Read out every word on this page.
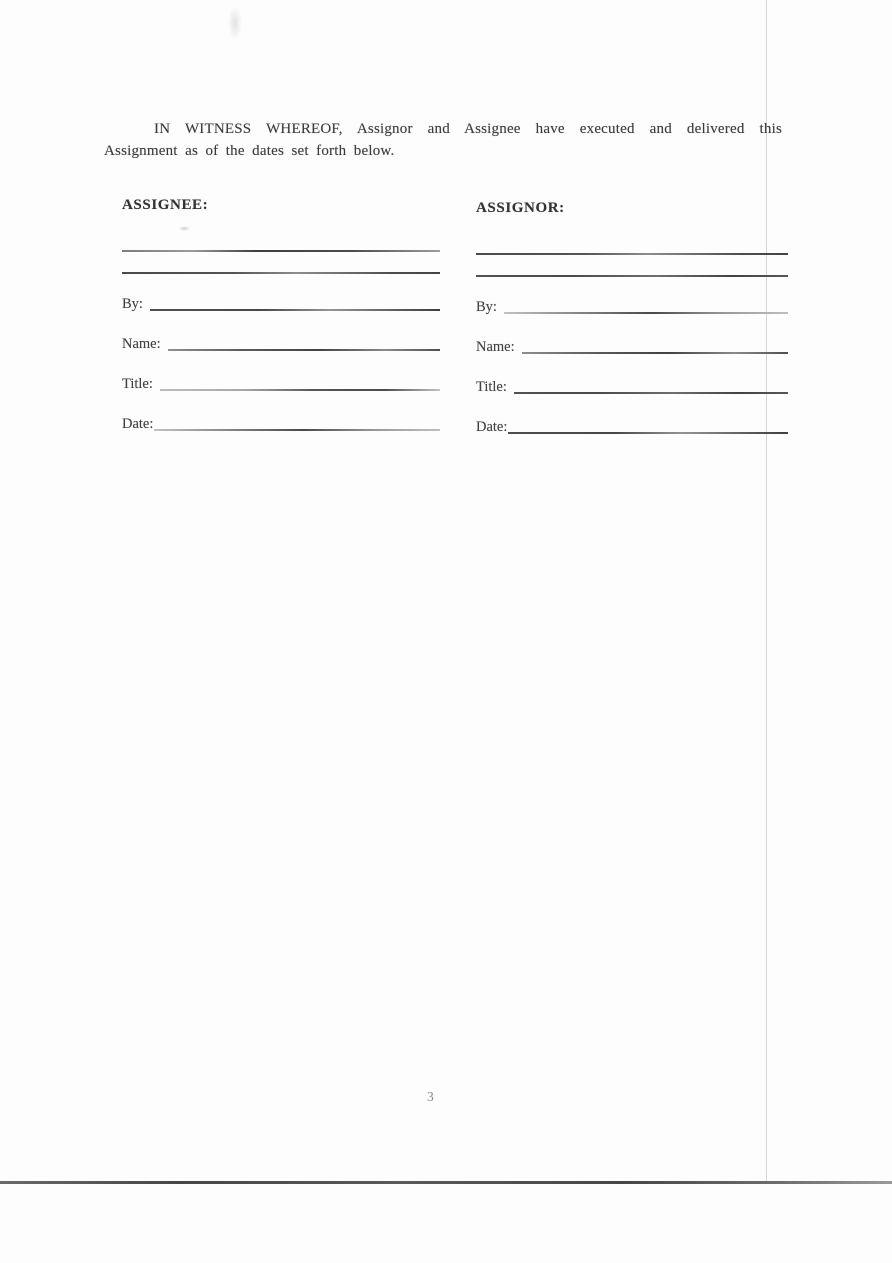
IN WITNESS WHEREOF, Assignor and Assignee have executed and delivered this Assignment as of the dates set forth below.

ASSIGNEE:
By:
Name:
Title:
Date:
ASSIGNOR:
By:
Name:
Title:
Date:
3
